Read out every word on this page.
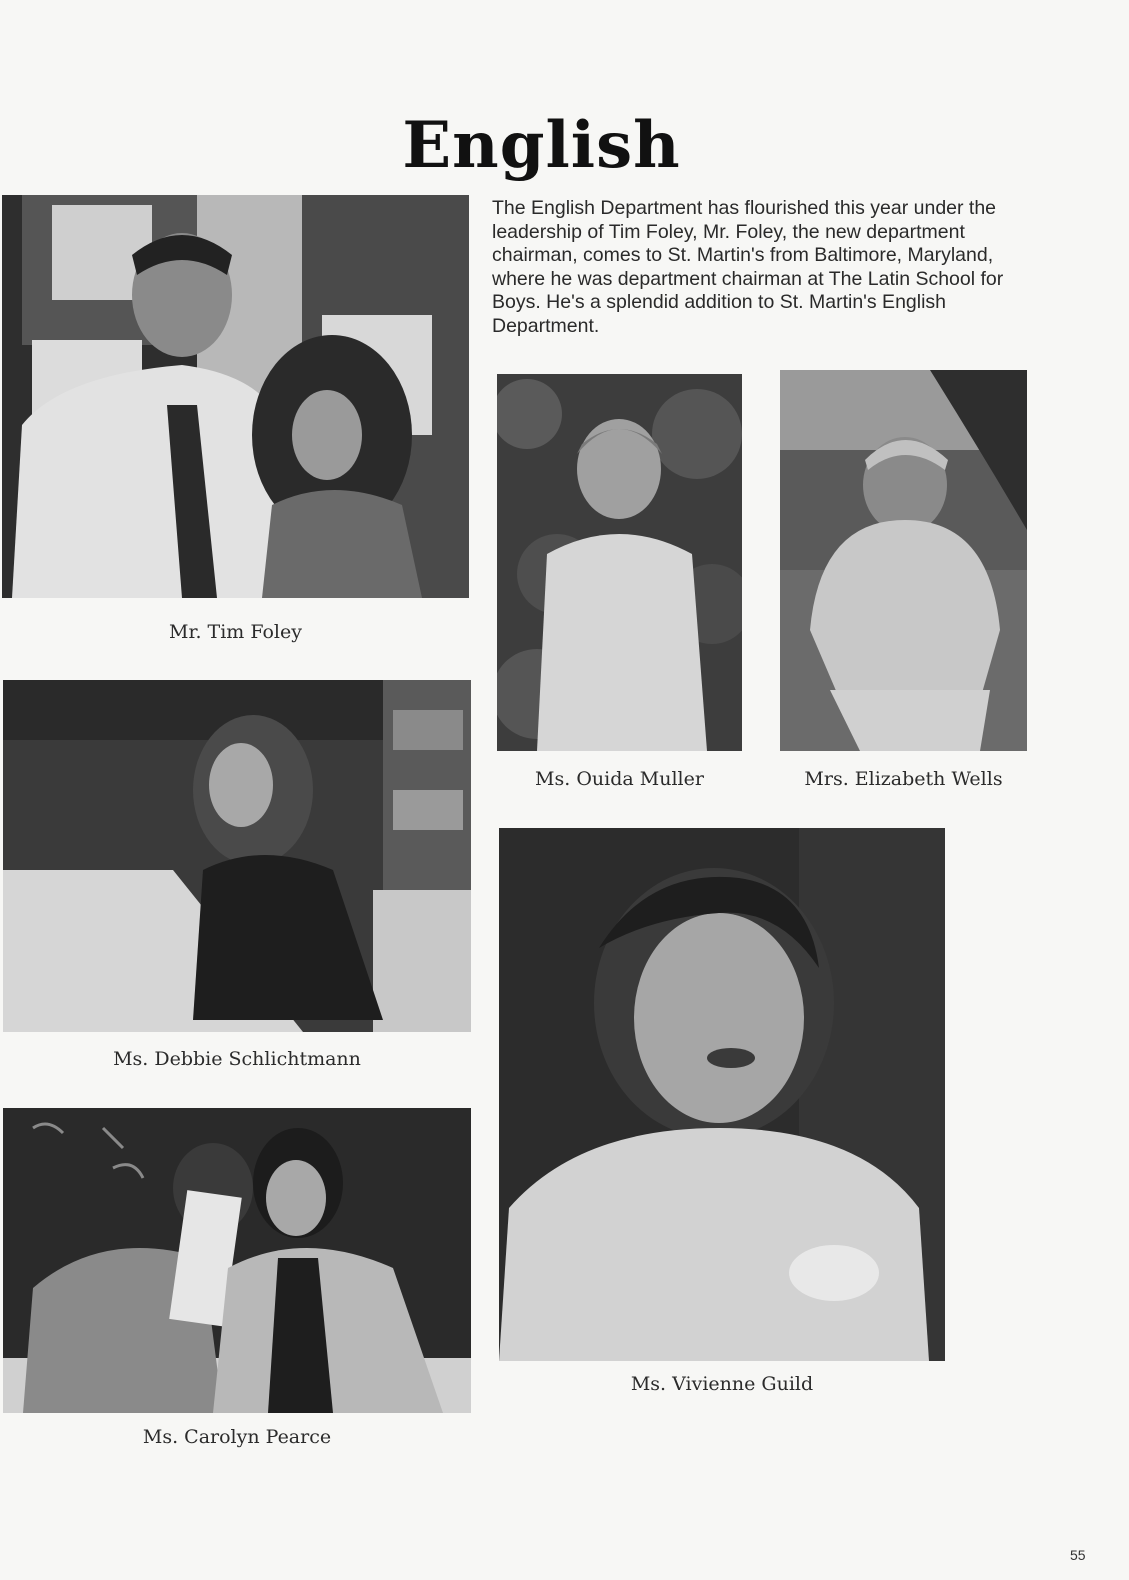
English

The English Department has flourished this year under the leadership of Tim Foley, Mr. Foley, the new department chairman, comes to St. Martin's from Baltimore, Maryland, where he was department chairman at The Latin School for Boys. He's a splendid addition to St. Martin's English Department.

Mr. Tim Foley
Ms. Ouida Muller	Mrs. Elizabeth Wells
Ms. Debbie Schlichtmann
Ms. Vivienne Guild
Ms. Carolyn Pearce
55
